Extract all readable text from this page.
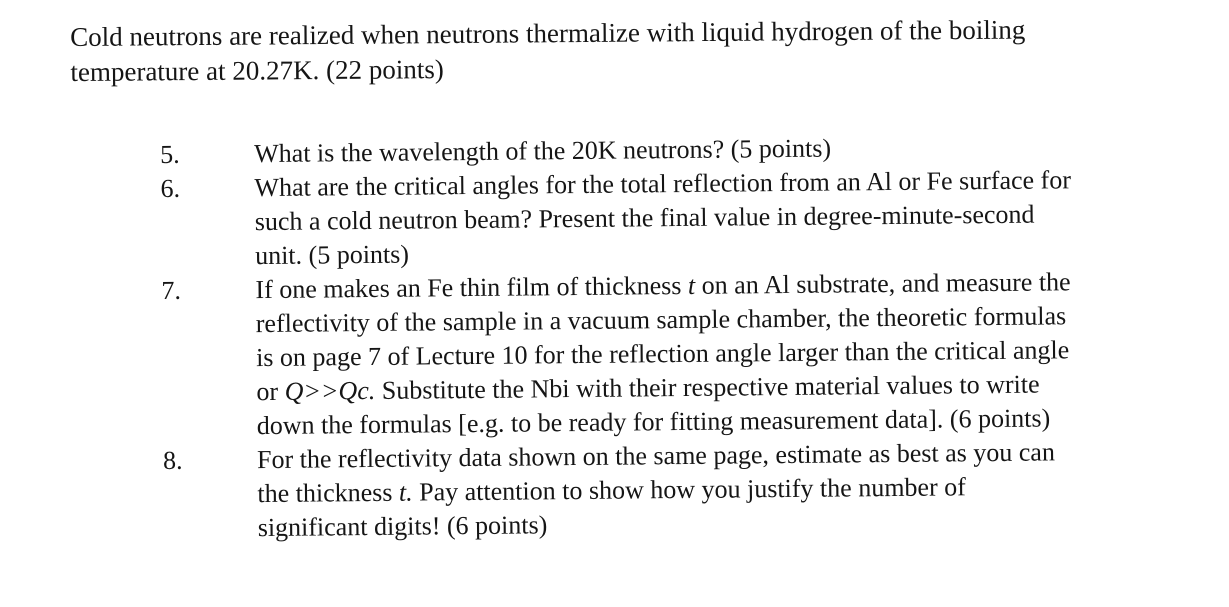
Cold neutrons are realized when neutrons thermalize with liquid hydrogen of the boiling
temperature at 20.27K. (22 points)

5.	What is the wavelength of the 20K neutrons? (5 points)
6.	What are the critical angles for the total reflection from an Al or Fe surface for
such a cold neutron beam? Present the final value in degree-minute-second
unit. (5 points)
7.	If one makes an Fe thin film of thickness t on an Al substrate, and measure the
reflectivity of the sample in a vacuum sample chamber, the theoretic formulas
is on page 7 of Lecture 10 for the reflection angle larger than the critical angle
or Q>>Qc. Substitute the Nbi with their respective material values to write
down the formulas [e.g. to be ready for fitting measurement data]. (6 points)
8.	For the reflectivity data shown on the same page, estimate as best as you can
the thickness t. Pay attention to show how you justify the number of
significant digits! (6 points)
